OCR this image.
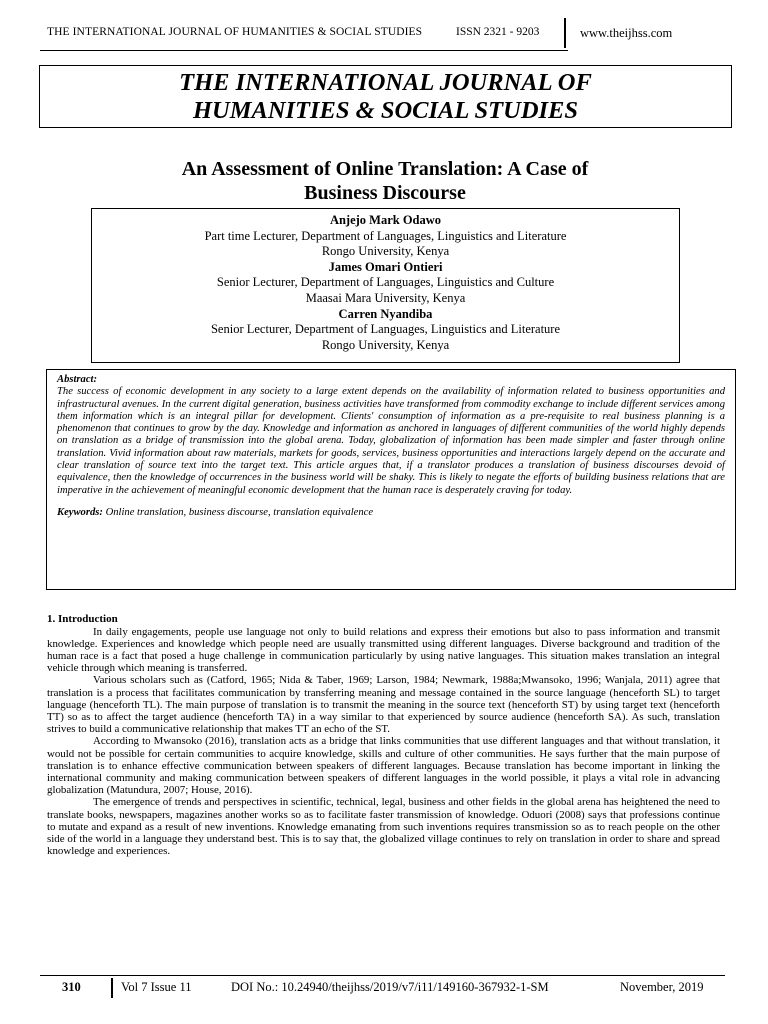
THE INTERNATIONAL JOURNAL OF HUMANITIES & SOCIAL STUDIES	ISSN 2321 - 9203	www.theijhss.com
THE INTERNATIONAL JOURNAL OF
HUMANITIES & SOCIAL STUDIES
An Assessment of Online Translation: A Case of
Business Discourse
Anjejo Mark Odawo
Part time Lecturer, Department of Languages, Linguistics and Literature
Rongo University, Kenya
James Omari Ontieri
Senior Lecturer, Department of Languages, Linguistics and Culture
Maasai Mara University, Kenya
Carren Nyandiba
Senior Lecturer, Department of Languages, Linguistics and Literature
Rongo University, Kenya
Abstract:
The success of economic development in any society to a large extent depends on the availability of information related to business opportunities and infrastructural avenues. In the current digital generation, business activities have transformed from commodity exchange to include different services among them information which is an integral pillar for development. Clients' consumption of information as a pre-requisite to real business planning is a phenomenon that continues to grow by the day. Knowledge and information as anchored in languages of different communities of the world highly depends on translation as a bridge of transmission into the global arena. Today, globalization of information has been made simpler and faster through online translation. Vivid information about raw materials, markets for goods, services, business opportunities and interactions largely depend on the accurate and clear translation of source text into the target text. This article argues that, if a translator produces a translation of business discourses devoid of equivalence, then the knowledge of occurrences in the business world will be shaky. This is likely to negate the efforts of building business relations that are imperative in the achievement of meaningful economic development that the human race is desperately craving for today.
Keywords: Online translation, business discourse, translation equivalence
1. Introduction

In daily engagements, people use language not only to build relations and express their emotions but also to pass information and transmit knowledge. Experiences and knowledge which people need are usually transmitted using different languages. Diverse background and tradition of the human race is a fact that posed a huge challenge in communication particularly by using native languages. This situation makes translation an integral vehicle through which meaning is transferred.

Various scholars such as (Catford, 1965; Nida & Taber, 1969; Larson, 1984; Newmark, 1988a;Mwansoko, 1996; Wanjala, 2011) agree that translation is a process that facilitates communication by transferring meaning and message contained in the source language (henceforth SL) to target language (henceforth TL). The main purpose of translation is to transmit the meaning in the source text (henceforth ST) by using target text (henceforth TT) so as to affect the target audience (henceforth TA) in a way similar to that experienced by source audience (henceforth SA). As such, translation strives to build a communicative relationship that makes TT an echo of the ST.

According to Mwansoko (2016), translation acts as a bridge that links communities that use different languages and that without translation, it would not be possible for certain communities to acquire knowledge, skills and culture of other communities. He says further that the main purpose of translation is to enhance effective communication between speakers of different languages. Because translation has become important in linking the international community and making communication between speakers of different languages in the world possible, it plays a vital role in advancing globalization (Matundura, 2007; House, 2016).

The emergence of trends and perspectives in scientific, technical, legal, business and other fields in the global arena has heightened the need to translate books, newspapers, magazines another works so as to facilitate faster transmission of knowledge. Oduori (2008) says that professions continue to mutate and expand as a result of new inventions. Knowledge emanating from such inventions requires transmission so as to reach people on the other side of the world in a language they understand best. This is to say that, the globalized village continues to rely on translation in order to share and spread knowledge and experiences.

310	Vol 7 Issue 11	DOI No.: 10.24940/theijhss/2019/v7/i11/149160-367932-1-SM	November, 2019
